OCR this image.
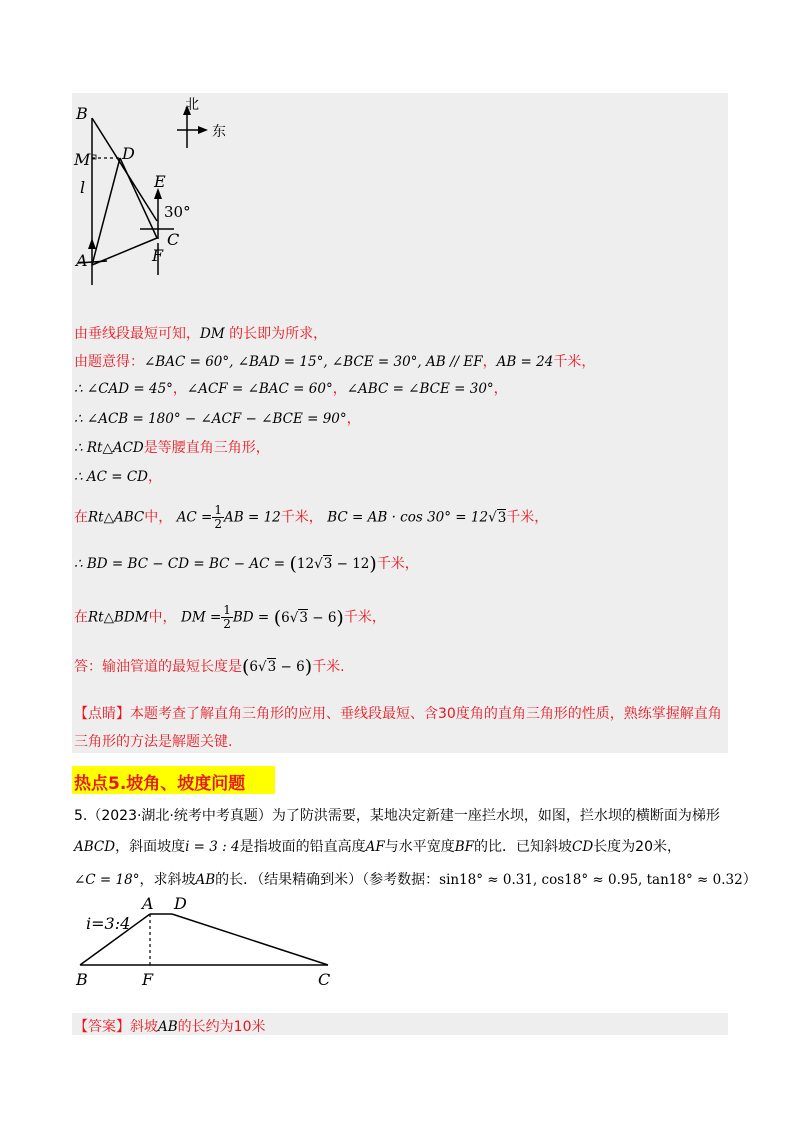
B
M
l
D
E
30°
C
A	F
北
东
由垂线段最短可知，DM 的长即为所求，
由题意得：∠BAC = 60°, ∠BAD = 15°, ∠BCE = 30°, AB // EF，AB = 24千米，
∴ ∠CAD = 45°，∠ACF = ∠BAC = 60°，∠ABC = ∠BCE = 30°，
∴ ∠ACB = 180° − ∠ACF − ∠BCE = 90°，
∴ Rt△ACD是等腰直角三角形，
∴ AC = CD，
在Rt△ABC中， AC = $\frac{1}{2}$ AB = 12千米， BC = AB · cos 30° = 12√3千米，
∴ BD = BC − CD = BC − AC = (12√3 − 12)千米，
在Rt△BDM中， DM = $\frac{1}{2}$ BD = (6√3 − 6)千米，
答：输油管道的最短长度是(6√3 − 6)千米.
【点睛】本题考查了解直角三角形的应用、垂线段最短、含30度角的直角三角形的性质，熟练掌握解直角
三角形的方法是解题关键.
热点5.坡角、坡度问题
5.（2023·湖北·统考中考真题）为了防洪需要，某地决定新建一座拦水坝，如图，拦水坝的横断面为梯形
ABCD，斜面坡度i = 3 : 4是指坡面的铅直高度AF与水平宽度BF的比．已知斜坡CD长度为20米，
∠C = 18°，求斜坡AB的长．（结果精确到米）（参考数据：sin18° ≈ 0.31, cos18° ≈ 0.95, tan18° ≈ 0.32）
i=3:4
A D
B	F	C
【答案】斜坡AB的长约为10米
